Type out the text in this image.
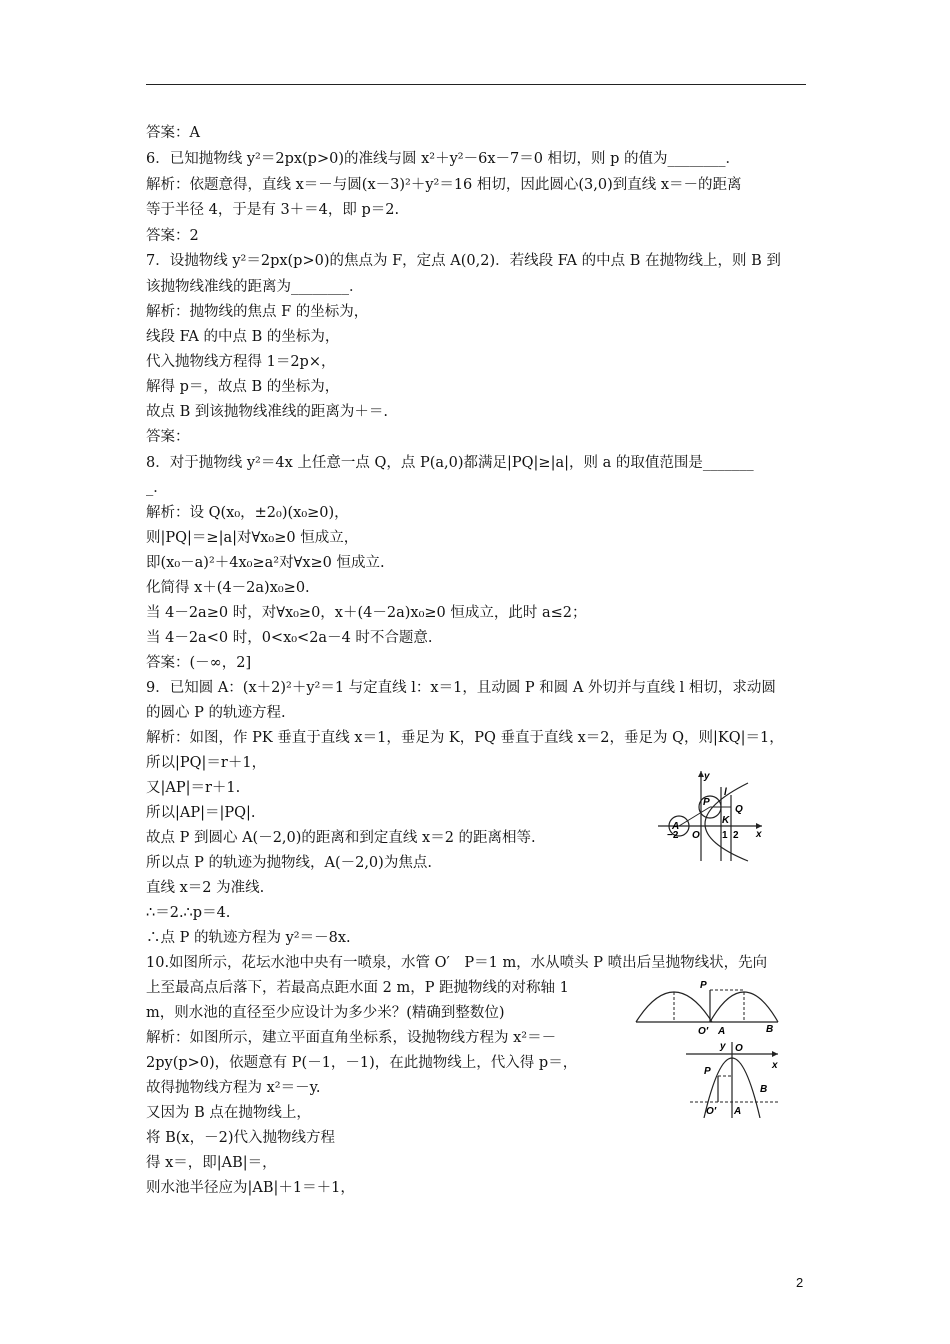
答案：A
6．已知抛物线 y²＝2px(p>0)的准线与圆 x²＋y²－6x－7＝0 相切，则 p 的值为________．
解析：依题意得，直线 x＝－与圆(x－3)²＋y²＝16 相切，因此圆心(3,0)到直线 x＝－的距离
等于半径 4，于是有 3＋＝4，即 p＝2.
答案：2
7．设抛物线 y²＝2px(p>0)的焦点为 F，定点 A(0,2)．若线段 FA 的中点 B 在抛物线上，则 B 到
该抛物线准线的距离为________．
解析：抛物线的焦点 F 的坐标为，
线段 FA 的中点 B 的坐标为，
代入抛物线方程得 1＝2p×，
解得 p＝，故点 B 的坐标为，
故点 B 到该抛物线准线的距离为＋＝.
答案：
8．对于抛物线 y²＝4x 上任意一点 Q，点 P(a,0)都满足|PQ|≥|a|，则 a 的取值范围是_______
_．
解析：设 Q(x₀，±2₀)(x₀≥0)，
则|PQ|＝≥|a|对∀x₀≥0 恒成立，
即(x₀－a)²＋4x₀≥a²对∀x≥0 恒成立.
化简得 x＋(4－2a)x₀≥0.
当 4－2a≥0 时，对∀x₀≥0，x＋(4－2a)x₀≥0 恒成立，此时 a≤2；
当 4－2a<0 时，0<x₀<2a－4 时不合题意.
答案：(－∞，2]
9．已知圆 A：(x＋2)²＋y²＝1 与定直线 l：x＝1，且动圆 P 和圆 A 外切并与直线 l 相切，求动圆
的圆心 P 的轨迹方程.
解析：如图，作 PK 垂直于直线 x＝1，垂足为 K，PQ 垂直于直线 x＝2，垂足为 Q，则|KQ|＝1，
所以|PQ|＝r＋1，
又|AP|＝r＋1.
所以|AP|＝|PQ|.
故点 P 到圆心 A(－2,0)的距离和到定直线 x＝2 的距离相等.
所以点 P 的轨迹为抛物线，A(－2,0)为焦点.
直线 x＝2 为准线.
∴＝2.∴p＝4.
∴点 P 的轨迹方程为 y²＝－8x.
10.如图所示，花坛水池中央有一喷泉，水管 O′　P＝1 m，水从喷头 P 喷出后呈抛物线状，先向
上至最高点后落下，若最高点距水面 2 m，P 距抛物线的对称轴 1
m，则水池的直径至少应设计为多少米？(精确到整数位)
解析：如图所示，建立平面直角坐标系，设抛物线方程为 x²＝－
2py(p>0)，依题意有 P(－1，－1)，在此抛物线上，代入得 p＝，
故得抛物线方程为 x²＝－y.
又因为 B 点在抛物线上，
将 B(x，－2)代入抛物线方程
得 x＝，即|AB|＝，
则水池半径应为|AB|＋1＝＋1，
y
l
P
Q
A
K
−2 O 1 2 x
P
O′ A	B
O
x
y
P
B
O′ A
2
